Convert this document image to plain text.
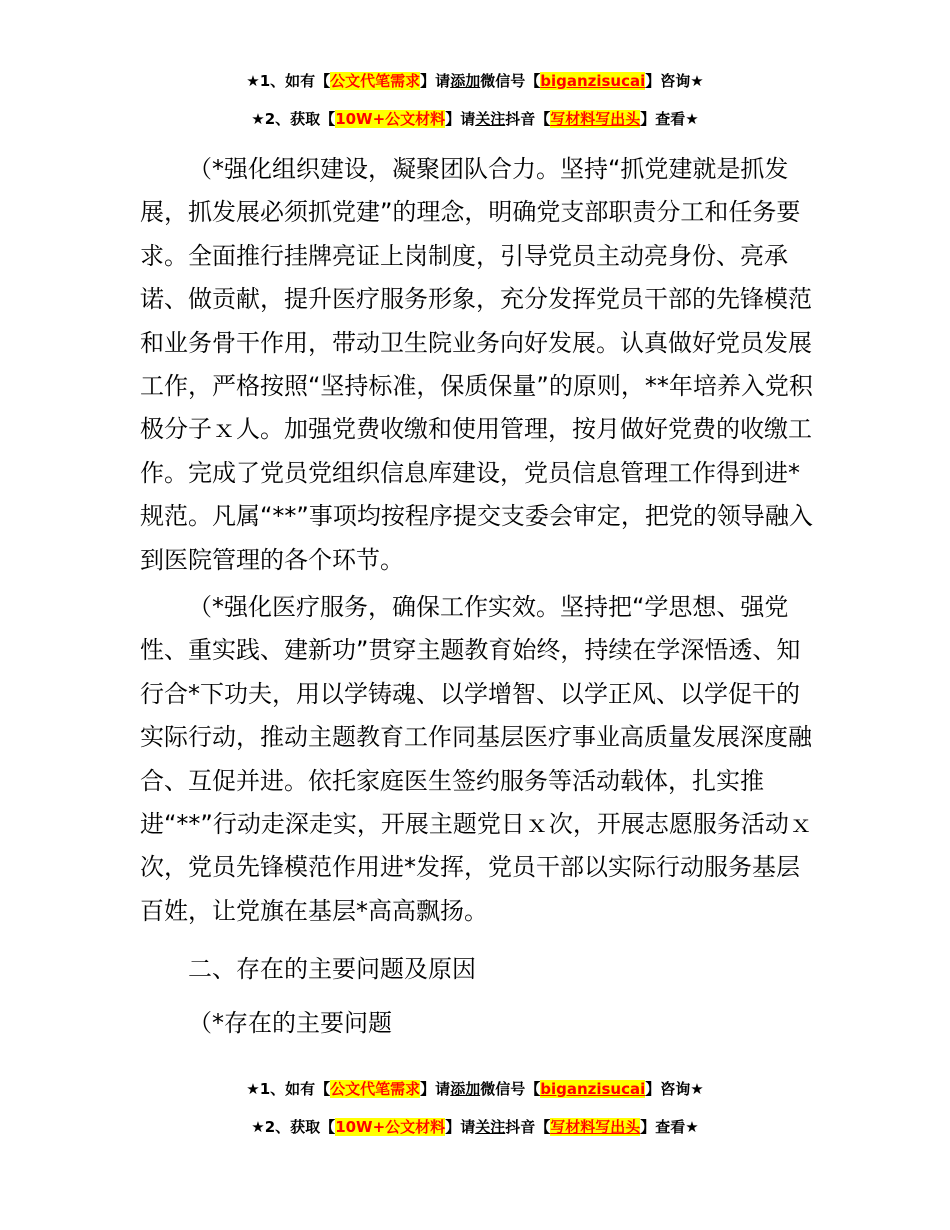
★1、如有【公文代笔需求】请添加微信号【biganzisucai】咨询★
★2、获取【10W+公文材料】请关注抖音【写材料写出头】查看★

（*强化组织建设，凝聚团队合力。坚持“抓党建就是抓发展，抓发展必须抓党建”的理念，明确党支部职责分工和任务要求。全面推行挂牌亮证上岗制度，引导党员主动亮身份、亮承诺、做贡献，提升医疗服务形象，充分发挥党员干部的先锋模范和业务骨干作用，带动卫生院业务向好发展。认真做好党员发展工作，严格按照“坚持标准，保质保量”的原则，**年培养入党积极分子ｘ人。加强党费收缴和使用管理，按月做好党费的收缴工作。完成了党员党组织信息库建设，党员信息管理工作得到进*规范。凡属“**”事项均按程序提交支委会审定，把党的领导融入到医院管理的各个环节。

（*强化医疗服务，确保工作实效。坚持把“学思想、强党性、重实践、建新功”贯穿主题教育始终，持续在学深悟透、知行合*下功夫，用以学铸魂、以学增智、以学正风、以学促干的实际行动，推动主题教育工作同基层医疗事业高质量发展深度融合、互促并进。依托家庭医生签约服务等活动载体，扎实推进“**”行动走深走实，开展主题党日ｘ次，开展志愿服务活动ｘ次，党员先锋模范作用进*发挥，党员干部以实际行动服务基层百姓，让党旗在基层*高高飘扬。

二、存在的主要问题及原因
（*存在的主要问题
★1、如有【公文代笔需求】请添加微信号【biganzisucai】咨询★
★2、获取【10W+公文材料】请关注抖音【写材料写出头】查看★
